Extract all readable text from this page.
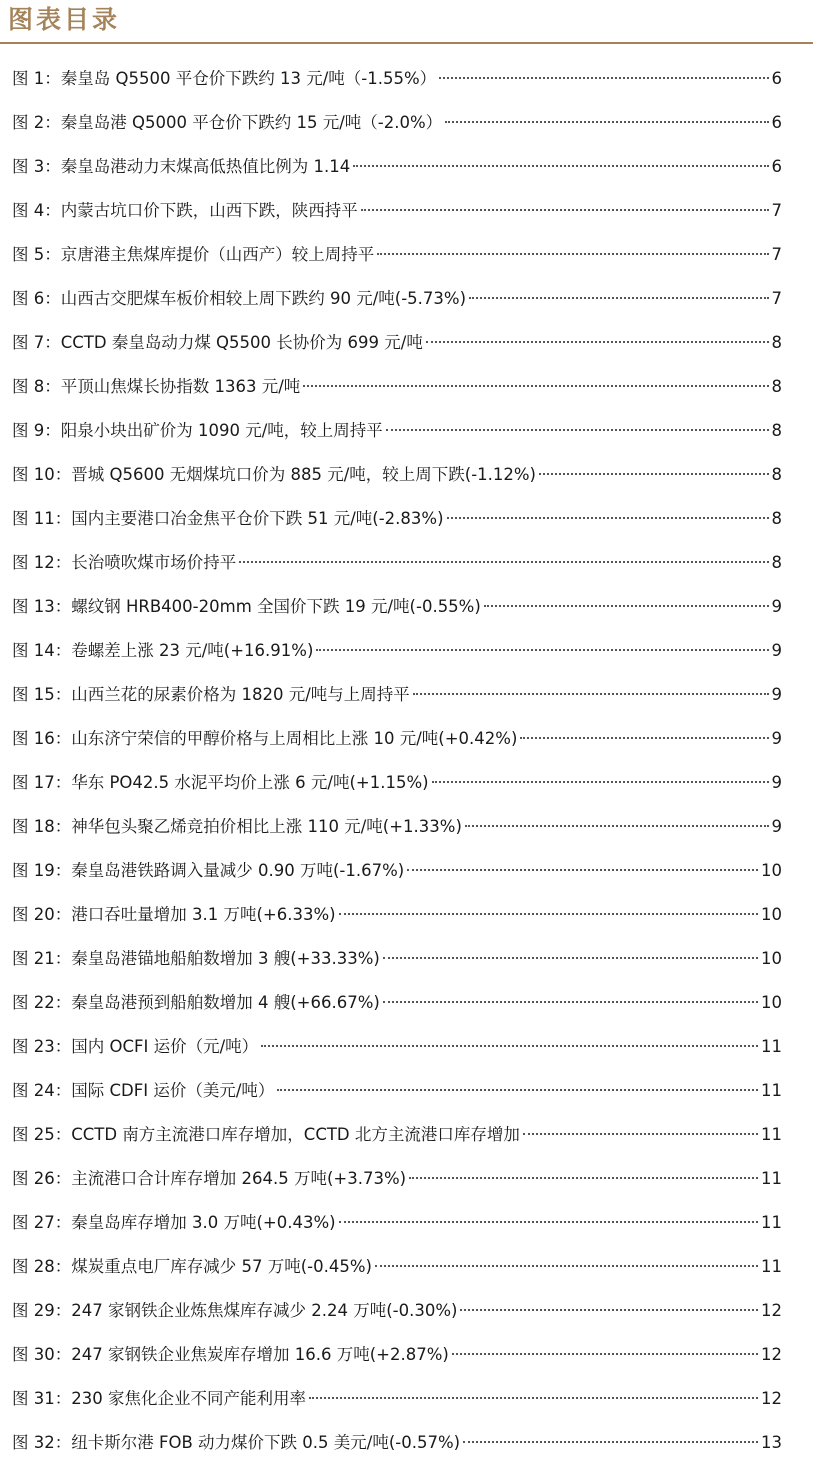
图表目录
图 1：秦皇岛 Q5500 平仓价下跌约 13 元/吨（-1.55%）	6
图 2：秦皇岛港 Q5000 平仓价下跌约 15 元/吨（-2.0%）	6
图 3：秦皇岛港动力末煤高低热值比例为 1.14	6
图 4：内蒙古坑口价下跌，山西下跌，陕西持平	7
图 5：京唐港主焦煤库提价（山西产）较上周持平	7
图 6：山西古交肥煤车板价相较上周下跌约 90 元/吨(-5.73%)	7
图 7：CCTD 秦皇岛动力煤 Q5500 长协价为 699 元/吨	8
图 8：平顶山焦煤长协指数 1363 元/吨	8
图 9：阳泉小块出矿价为 1090 元/吨，较上周持平	8
图 10：晋城 Q5600 无烟煤坑口价为 885 元/吨，较上周下跌(-1.12%)	8
图 11：国内主要港口冶金焦平仓价下跌 51 元/吨(-2.83%)	8
图 12：长治喷吹煤市场价持平	8
图 13：螺纹钢 HRB400-20mm 全国价下跌 19 元/吨(-0.55%)	9
图 14：卷螺差上涨 23 元/吨(+16.91%)	9
图 15：山西兰花的尿素价格为 1820 元/吨与上周持平	9
图 16：山东济宁荣信的甲醇价格与上周相比上涨 10 元/吨(+0.42%)	9
图 17：华东 PO42.5 水泥平均价上涨 6 元/吨(+1.15%)	9
图 18：神华包头聚乙烯竞拍价相比上涨 110 元/吨(+1.33%)	9
图 19：秦皇岛港铁路调入量减少 0.90 万吨(-1.67%)	10
图 20：港口吞吐量增加 3.1 万吨(+6.33%)	10
图 21：秦皇岛港锚地船舶数增加 3 艘(+33.33%)	10
图 22：秦皇岛港预到船舶数增加 4 艘(+66.67%)	10
图 23：国内 OCFI 运价（元/吨）	11
图 24：国际 CDFI 运价（美元/吨）	11
图 25：CCTD 南方主流港口库存增加，CCTD 北方主流港口库存增加	11
图 26：主流港口合计库存增加 264.5 万吨(+3.73%)	11
图 27：秦皇岛库存增加 3.0 万吨(+0.43%)	11
图 28：煤炭重点电厂库存减少 57 万吨(-0.45%)	11
图 29：247 家钢铁企业炼焦煤库存减少 2.24 万吨(-0.30%)	12
图 30：247 家钢铁企业焦炭库存增加 16.6 万吨(+2.87%)	12
图 31：230 家焦化企业不同产能利用率	12
图 32：纽卡斯尔港 FOB 动力煤价下跌 0.5 美元/吨(-0.57%)	13
